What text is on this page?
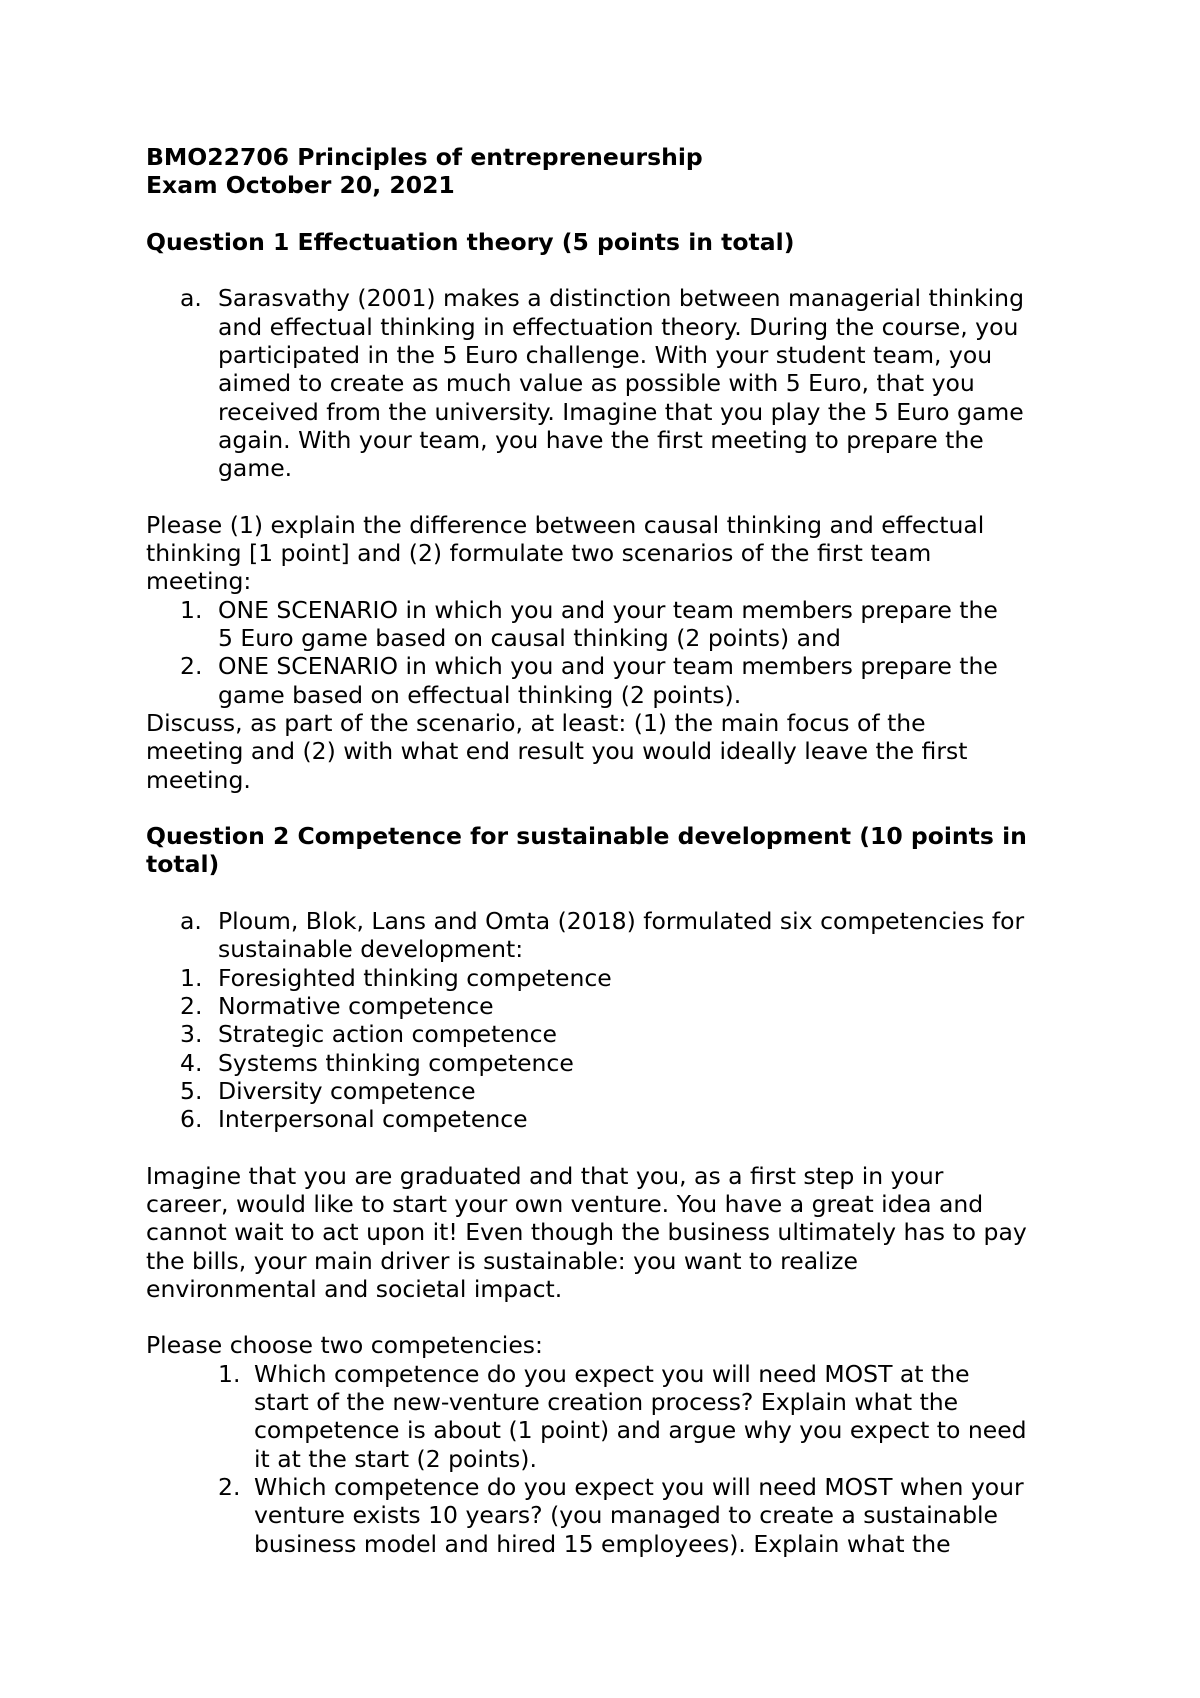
BMO22706 Principles of entrepreneurship
Exam October 20, 2021
Question 1 Effectuation theory (5 points in total)
a. Sarasvathy (2001) makes a distinction between managerial thinking
and effectual thinking in effectuation theory. During the course, you
participated in the 5 Euro challenge. With your student team, you
aimed to create as much value as possible with 5 Euro, that you
received from the university. Imagine that you play the 5 Euro game
again. With your team, you have the first meeting to prepare the
game.
Please (1) explain the difference between causal thinking and effectual
thinking [1 point] and (2) formulate two scenarios of the first team
meeting:
1. ONE SCENARIO in which you and your team members prepare the
5 Euro game based on causal thinking (2 points) and
2. ONE SCENARIO in which you and your team members prepare the
game based on effectual thinking (2 points).
Discuss, as part of the scenario, at least: (1) the main focus of the
meeting and (2) with what end result you would ideally leave the first
meeting.
Question 2 Competence for sustainable development (10 points in
total)
a. Ploum, Blok, Lans and Omta (2018) formulated six competencies for
sustainable development:
1. Foresighted thinking competence
2. Normative competence
3. Strategic action competence
4. Systems thinking competence
5. Diversity competence
6. Interpersonal competence
Imagine that you are graduated and that you, as a first step in your
career, would like to start your own venture. You have a great idea and
cannot wait to act upon it! Even though the business ultimately has to pay
the bills, your main driver is sustainable: you want to realize
environmental and societal impact.
Please choose two competencies:
1. Which competence do you expect you will need MOST at the
start of the new-venture creation process? Explain what the
competence is about (1 point) and argue why you expect to need
it at the start (2 points).
2. Which competence do you expect you will need MOST when your
venture exists 10 years? (you managed to create a sustainable
business model and hired 15 employees). Explain what the
